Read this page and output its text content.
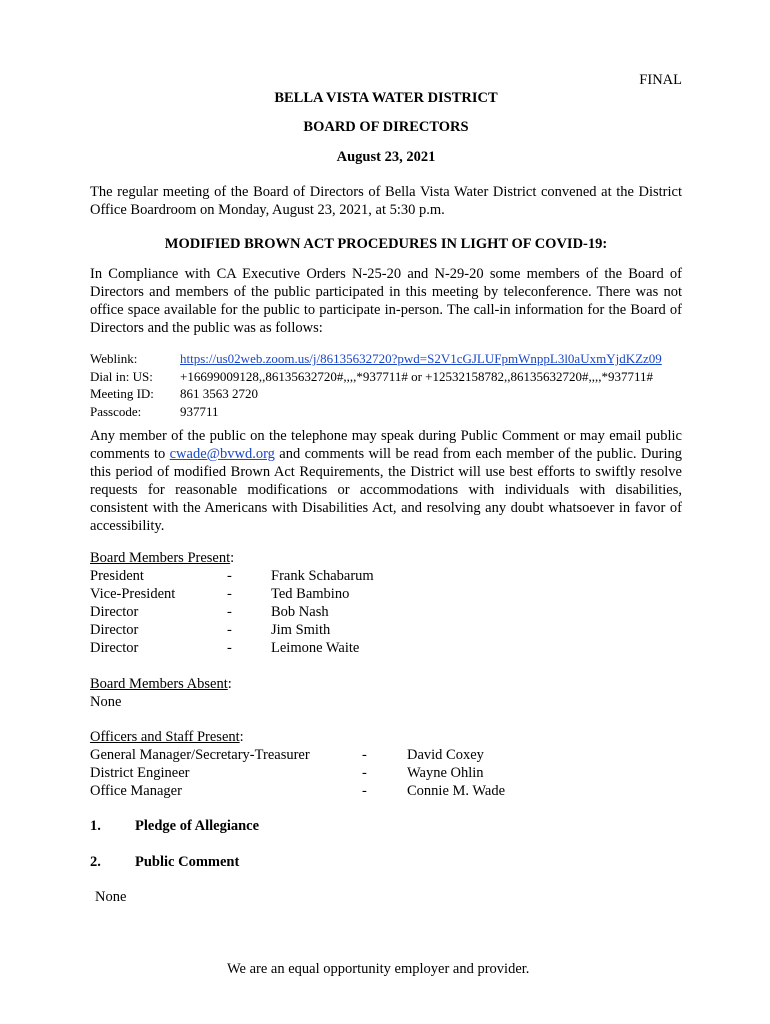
FINAL
BELLA VISTA WATER DISTRICT
BOARD OF DIRECTORS
August 23, 2021
The regular meeting of the Board of Directors of Bella Vista Water District convened at the District Office Boardroom on Monday, August 23, 2021, at 5:30 p.m.
MODIFIED BROWN ACT PROCEDURES IN LIGHT OF COVID-19:
In Compliance with CA Executive Orders N-25-20 and N-29-20 some members of the Board of Directors and members of the public participated in this meeting by teleconference. There was not office space available for the public to participate in-person. The call-in information for the Board of Directors and the public was as follows:
Weblink:	https://us02web.zoom.us/j/86135632720?pwd=S2V1cGJLUFpmWnppL3l0aUxmYjdKZz09
Dial in: US:	+16699009128,,86135632720#,,,,*937711# or +12532158782,,86135632720#,,,,*937711#
Meeting ID:	861 3563 2720
Passcode:	937711
Any member of the public on the telephone may speak during Public Comment or may email public comments to cwade@bvwd.org and comments will be read from each member of the public. During this period of modified Brown Act Requirements, the District will use best efforts to swiftly resolve requests for reasonable modifications or accommodations with individuals with disabilities, consistent with the Americans with Disabilities Act, and resolving any doubt whatsoever in favor of accessibility.
Board Members Present:
President	-	Frank Schabarum
Vice-President	-	Ted Bambino
Director	-	Bob Nash
Director	-	Jim Smith
Director	-	Leimone Waite
Board Members Absent:
None
Officers and Staff Present:
General Manager/Secretary-Treasurer	-	David Coxey
District Engineer	-	Wayne Ohlin
Office Manager	-	Connie M. Wade
1.	Pledge of Allegiance
2.	Public Comment
None
We are an equal opportunity employer and provider.
